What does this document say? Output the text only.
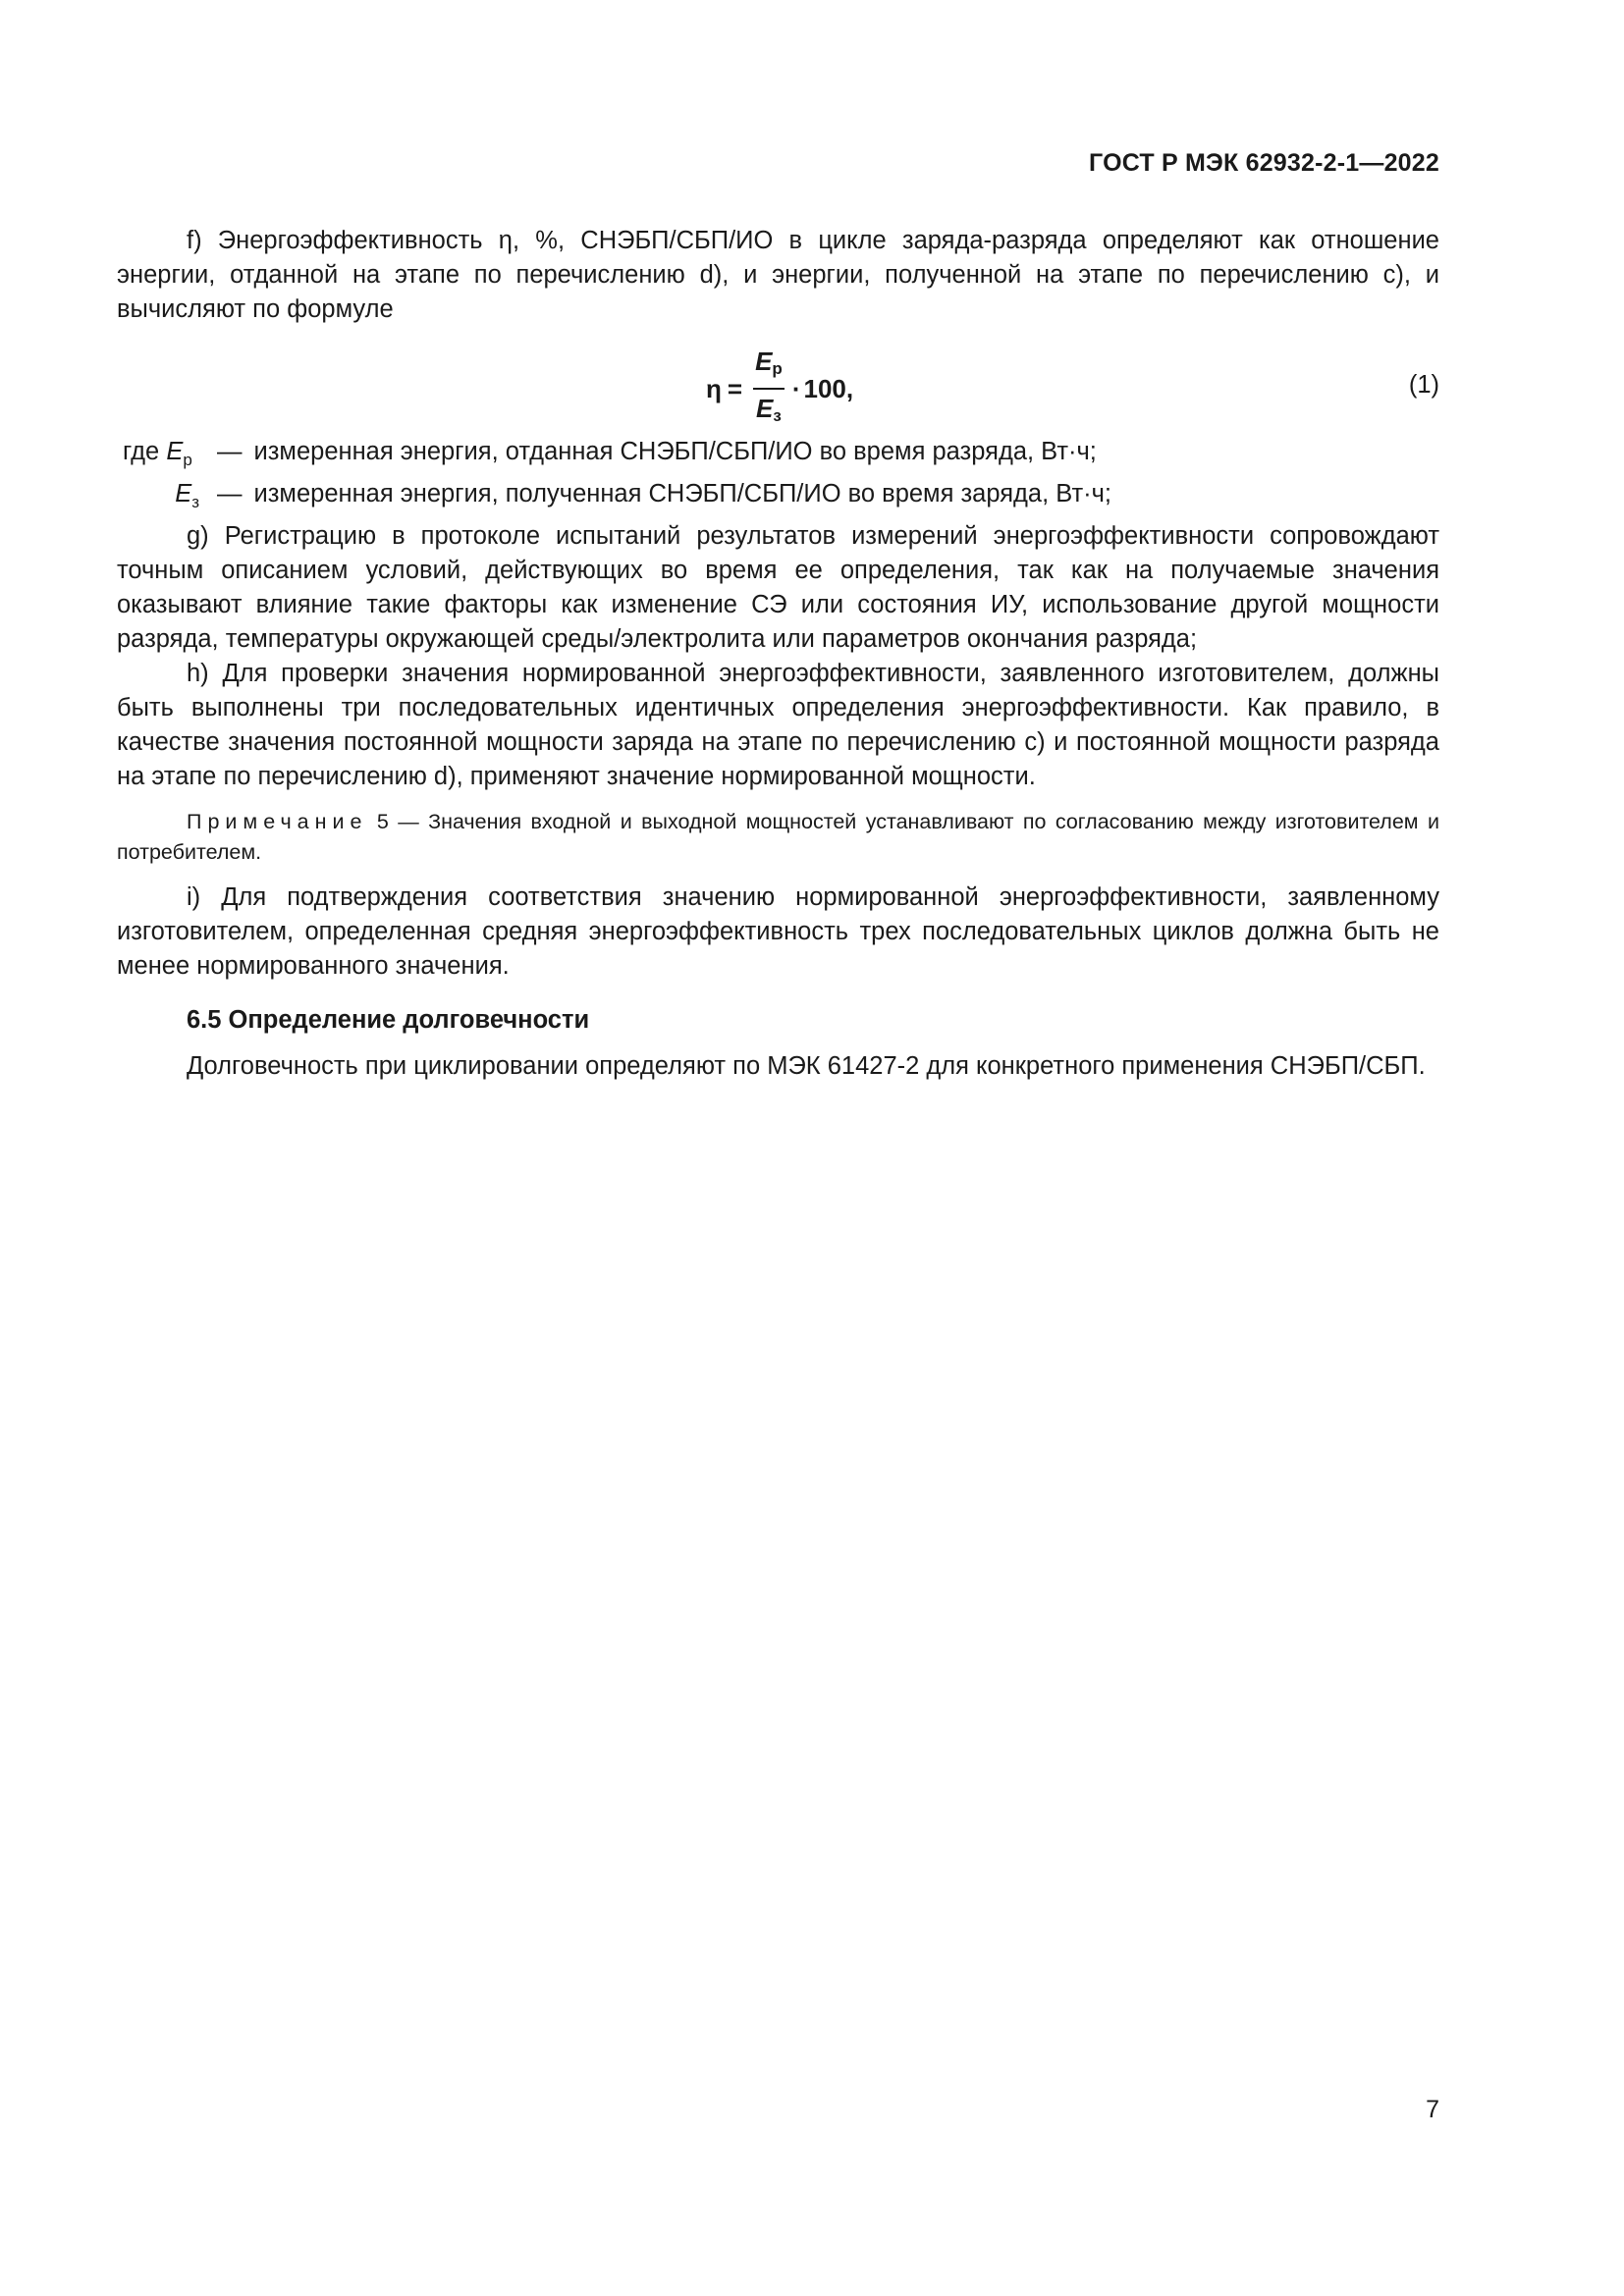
ГОСТ Р МЭК 62932-2-1—2022

f) Энергоэффективность η, %, СНЭБП/СБП/ИО в цикле заряда-разряда определяют как отношение энергии, отданной на этапе по перечислению d), и энергии, полученной на этапе по перечислению c), и вычисляют по формуле

$\eta = \frac{E_р}{E_з} \cdot 100$,	(1)
где $E_р$ — измеренная энергия, отданная СНЭБП/СБП/ИО во время разряда, Вт·ч;
$E_з$ — измеренная энергия, полученная СНЭБП/СБП/ИО во время заряда, Вт·ч;

g) Регистрацию в протоколе испытаний результатов измерений энергоэффективности сопровождают точным описанием условий, действующих во время ее определения, так как на получаемые значения оказывают влияние такие факторы как изменение СЭ или состояния ИУ, использование другой мощности разряда, температуры окружающей среды/электролита или параметров окончания разряда;

h) Для проверки значения нормированной энергоэффективности, заявленного изготовителем, должны быть выполнены три последовательных идентичных определения энергоэффективности. Как правило, в качестве значения постоянной мощности заряда на этапе по перечислению c) и постоянной мощности разряда на этапе по перечислению d), применяют значение нормированной мощности.

Примечание 5 — Значения входной и выходной мощностей устанавливают по согласованию между изготовителем и потребителем.

i) Для подтверждения соответствия значению нормированной энергоэффективности, заявленному изготовителем, определенная средняя энергоэффективность трех последовательных циклов должна быть не менее нормированного значения.

6.5 Определение долговечности

Долговечность при циклировании определяют по МЭК 61427-2 для конкретного применения СНЭБП/СБП.

7
